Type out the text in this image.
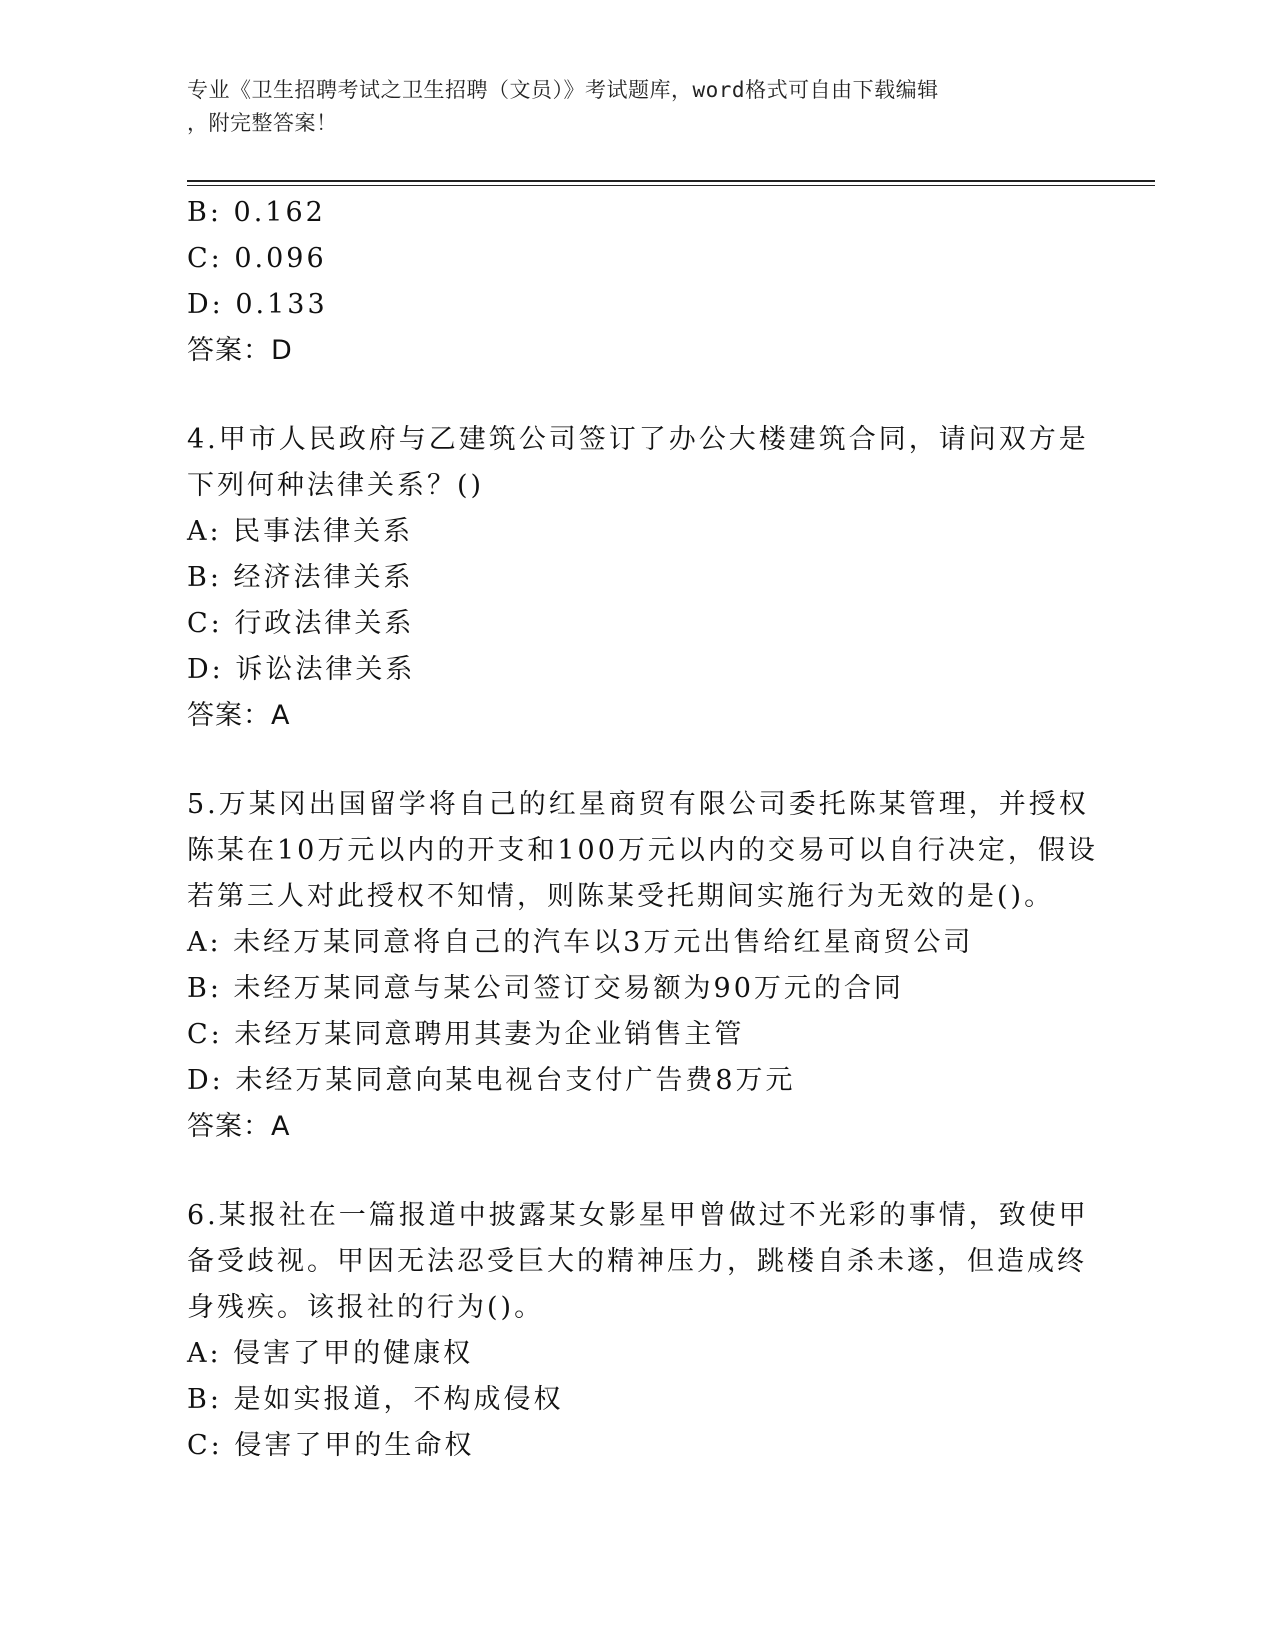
专业《卫生招聘考试之卫生招聘（文员）》考试题库，word格式可自由下载编辑
，附完整答案！
B: 0.162
C: 0.096
D: 0.133
答案：D
4.甲市人民政府与乙建筑公司签订了办公大楼建筑合同，请问双方是
下列何种法律关系？()
A: 民事法律关系
B: 经济法律关系
C: 行政法律关系
D: 诉讼法律关系
答案：A
5.万某冈出国留学将自己的红星商贸有限公司委托陈某管理，并授权
陈某在10万元以内的开支和100万元以内的交易可以自行决定，假设
若第三人对此授权不知情，则陈某受托期间实施行为无效的是()。
A: 未经万某同意将自己的汽车以3万元出售给红星商贸公司
B: 未经万某同意与某公司签订交易额为90万元的合同
C: 未经万某同意聘用其妻为企业销售主管
D: 未经万某同意向某电视台支付广告费8万元
答案：A
6.某报社在一篇报道中披露某女影星甲曾做过不光彩的事情，致使甲
备受歧视。甲因无法忍受巨大的精神压力，跳楼自杀未遂，但造成终
身残疾。该报社的行为()。
A: 侵害了甲的健康权
B: 是如实报道，不构成侵权
C: 侵害了甲的生命权
